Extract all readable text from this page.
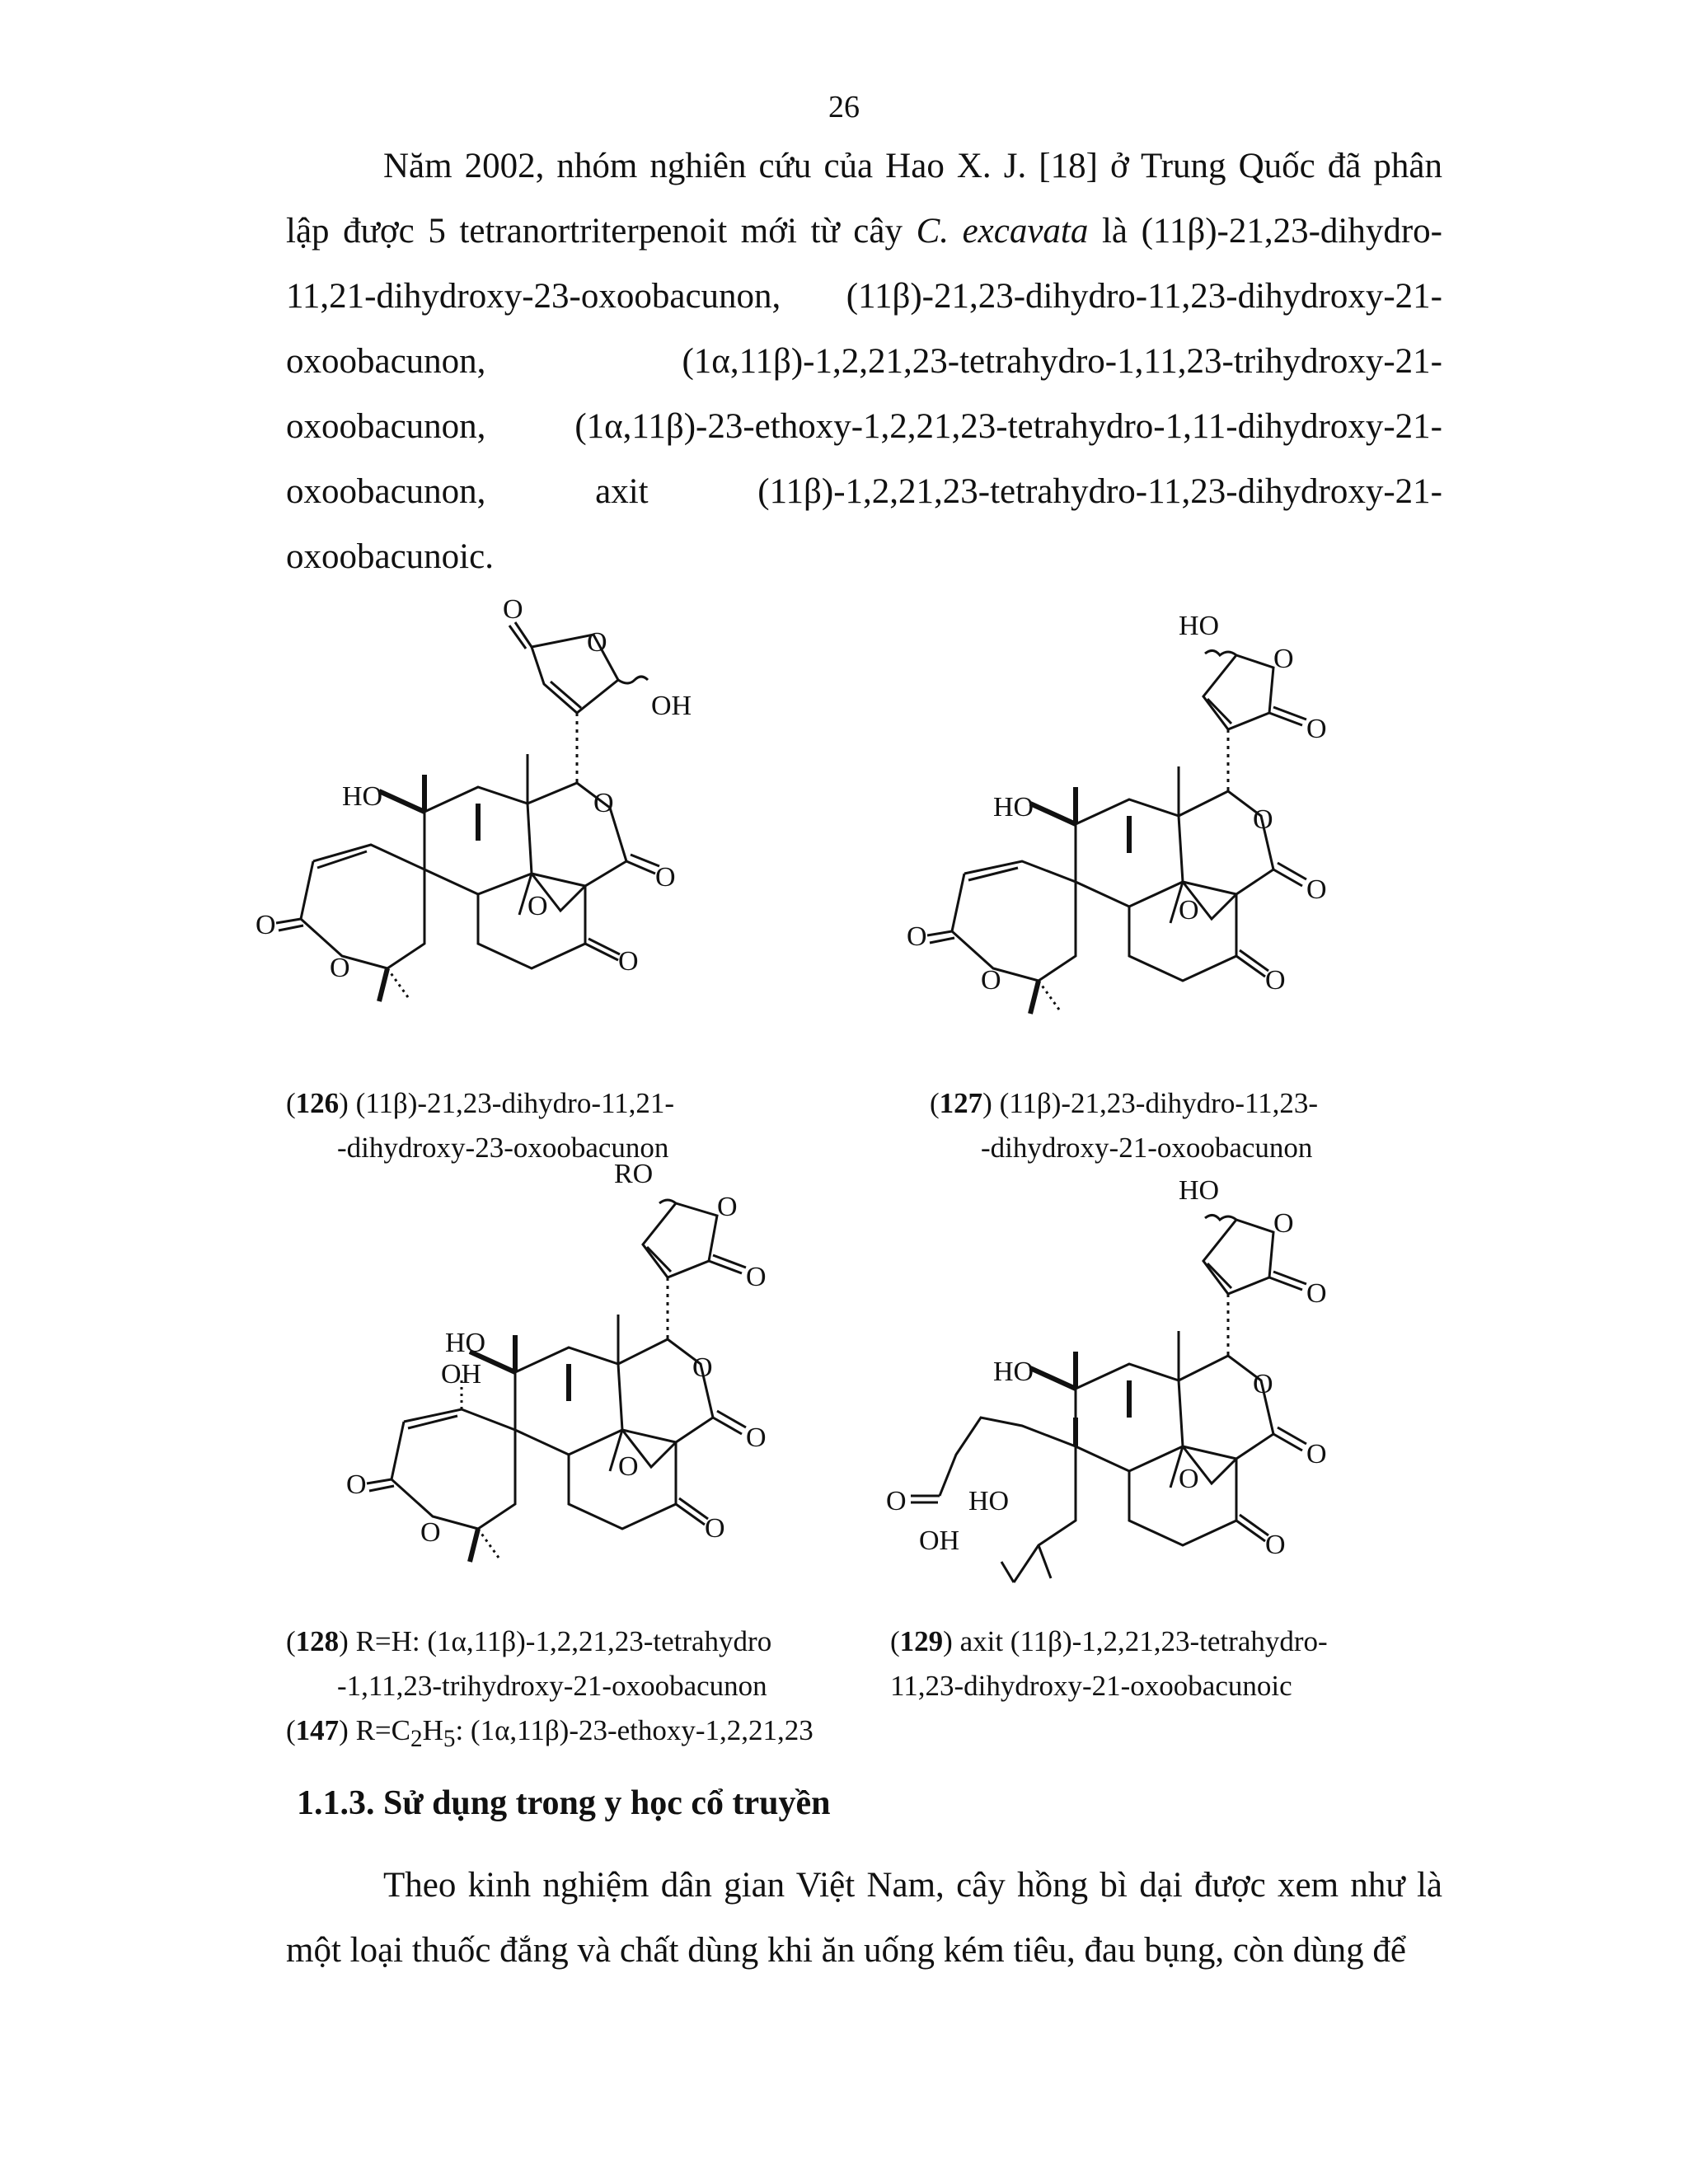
26

Năm 2002, nhóm nghiên cứu của Hao X. J. [18] ở Trung Quốc đã phân lập được 5 tetranortriterpenoit mới từ cây C. excavata là (11β)-21,23-dihydro-11,21-dihydroxy-23-oxoobacunon, (11β)-21,23-dihydro-11,23-dihydroxy-21-oxoobacunon, (1α,11β)-1,2,21,23-tetrahydro-1,11,23-trihydroxy-21-oxoobacunon, (1α,11β)-23-ethoxy-1,2,21,23-tetrahydro-1,11-dihydroxy-21-oxoobacunon, axit (11β)-1,2,21,23-tetrahydro-11,23-dihydroxy-21-oxoobacunoic.

O
O
OH
HO	O
O
O
O
O
O
HO
O
O
HO	O
O
O
O
O
O
(126) (11β)-21,23-dihydro-11,21-
-dihydroxy-23-oxoobacunon
(127) (11β)-21,23-dihydro-11,23-
-dihydroxy-21-oxoobacunon
RO
O
O
HO
OH	O
O
O
O
O
O
HO
O
O
HO	O
O
O
O
O
OH
HO
(128) R=H: (1α,11β)-1,2,21,23-tetrahydro
-1,11,23-trihydroxy-21-oxoobacunon
(147) $R=C_2H_5$: (1α,11β)-23-ethoxy-1,2,21,23
(129) axit (11β)-1,2,21,23-tetrahydro-
11,23-dihydroxy-21-oxoobacunoic
1.1.3. Sử dụng trong y học cổ truyền

Theo kinh nghiệm dân gian Việt Nam, cây hồng bì dại được xem như là một loại thuốc đắng và chất dùng khi ăn uống kém tiêu, đau bụng, còn dùng để
